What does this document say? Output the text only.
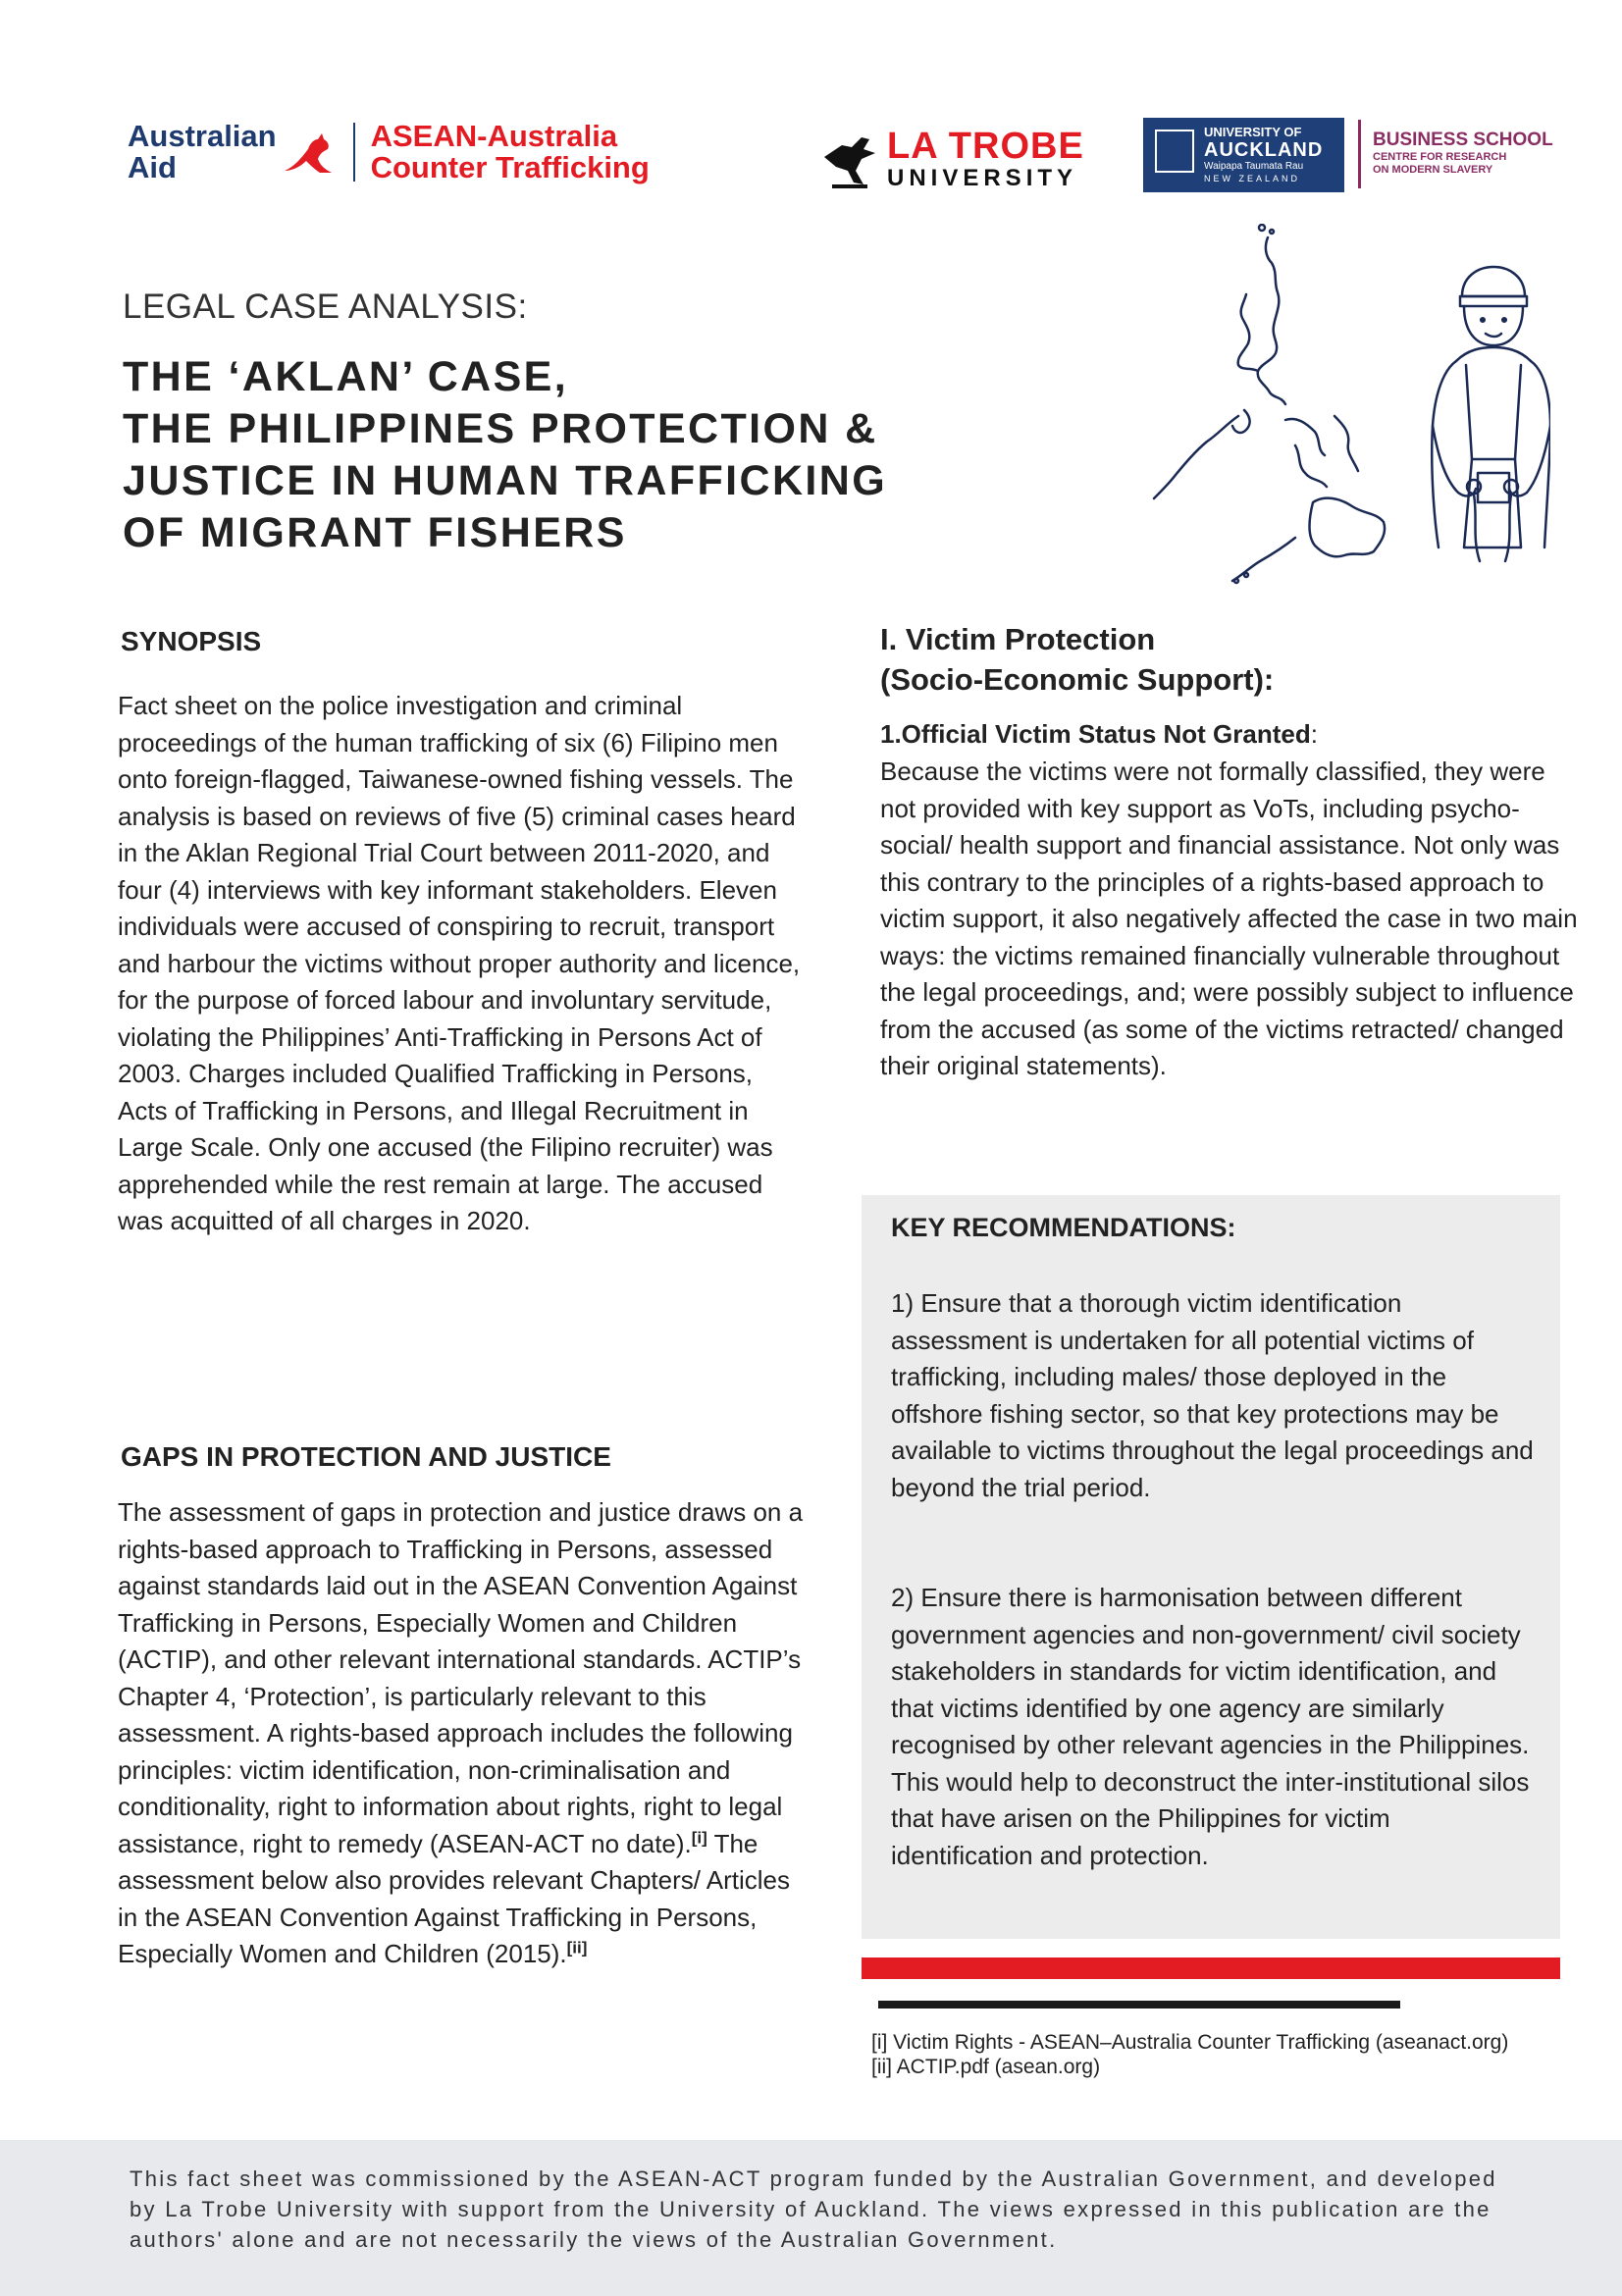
Australian
Aid
ASEAN-Australia
Counter Trafficking
LA TROBE
UNIVERSITY
UNIVERSITY OF
AUCKLAND
Waipapa Taumata Rau
NEW ZEALAND
BUSINESS SCHOOL
CENTRE FOR RESEARCH
ON MODERN SLAVERY
LEGAL CASE ANALYSIS:
THE ‘AKLAN’ CASE,
THE PHILIPPINES PROTECTION &
JUSTICE IN HUMAN TRAFFICKING
OF MIGRANT FISHERS
SYNOPSIS
Fact sheet on the police investigation and criminal proceedings of the human trafficking of six (6) Filipino men onto foreign-flagged, Taiwanese-owned fishing vessels. The analysis is based on reviews of five (5) criminal cases heard in the Aklan Regional Trial Court between 2011-2020, and four (4) interviews with key informant stakeholders. Eleven individuals were accused of conspiring to recruit, transport and harbour the victims without proper authority and licence, for the purpose of forced labour and involuntary servitude, violating the Philippines’ Anti-Trafficking in Persons Act of 2003. Charges included Qualified Trafficking in Persons, Acts of Trafficking in Persons, and Illegal Recruitment in Large Scale. Only one accused (the Filipino recruiter) was apprehended while the rest remain at large. The accused was acquitted of all charges in 2020.
GAPS IN PROTECTION AND JUSTICE
The assessment of gaps in protection and justice draws on a rights-based approach to Trafficking in Persons, assessed against standards laid out in the ASEAN Convention Against Trafficking in Persons, Especially Women and Children (ACTIP), and other relevant international standards. ACTIP’s Chapter 4, ‘Protection’, is particularly relevant to this assessment. A rights-based approach includes the following principles: victim identification, non-criminalisation and conditionality, right to information about rights, right to legal assistance, right to remedy (ASEAN-ACT no date).[i] The assessment below also provides relevant Chapters/ Articles in the ASEAN Convention Against Trafficking in Persons, Especially Women and Children (2015).[ii]
I. Victim Protection
(Socio-Economic Support):
1.Official Victim Status Not Granted:
Because the victims were not formally classified, they were not provided with key support as VoTs, including psycho-social/ health support and financial assistance. Not only was this contrary to the principles of a rights-based approach to victim support, it also negatively affected the case in two main ways: the victims remained financially vulnerable throughout the legal proceedings, and; were possibly subject to influence from the accused (as some of the victims retracted/ changed their original statements).
KEY RECOMMENDATIONS:
1) Ensure that a thorough victim identification assessment is undertaken for all potential victims of trafficking, including males/ those deployed in the offshore fishing sector, so that key protections may be available to victims throughout the legal proceedings and beyond the trial period.
2) Ensure there is harmonisation between different government agencies and non-government/ civil society stakeholders in standards for victim identification, and that victims identified by one agency are similarly recognised by other relevant agencies in the Philippines. This would help to deconstruct the inter-institutional silos that have arisen on the Philippines for victim identification and protection.
[i] Victim Rights - ASEAN–Australia Counter Trafficking (aseanact.org)
[ii] ACTIP.pdf (asean.org)
This fact sheet was commissioned by the ASEAN-ACT program funded by the Australian Government, and developed by La Trobe University with support from the University of Auckland. The views expressed in this publication are the authors' alone and are not necessarily the views of the Australian Government.
